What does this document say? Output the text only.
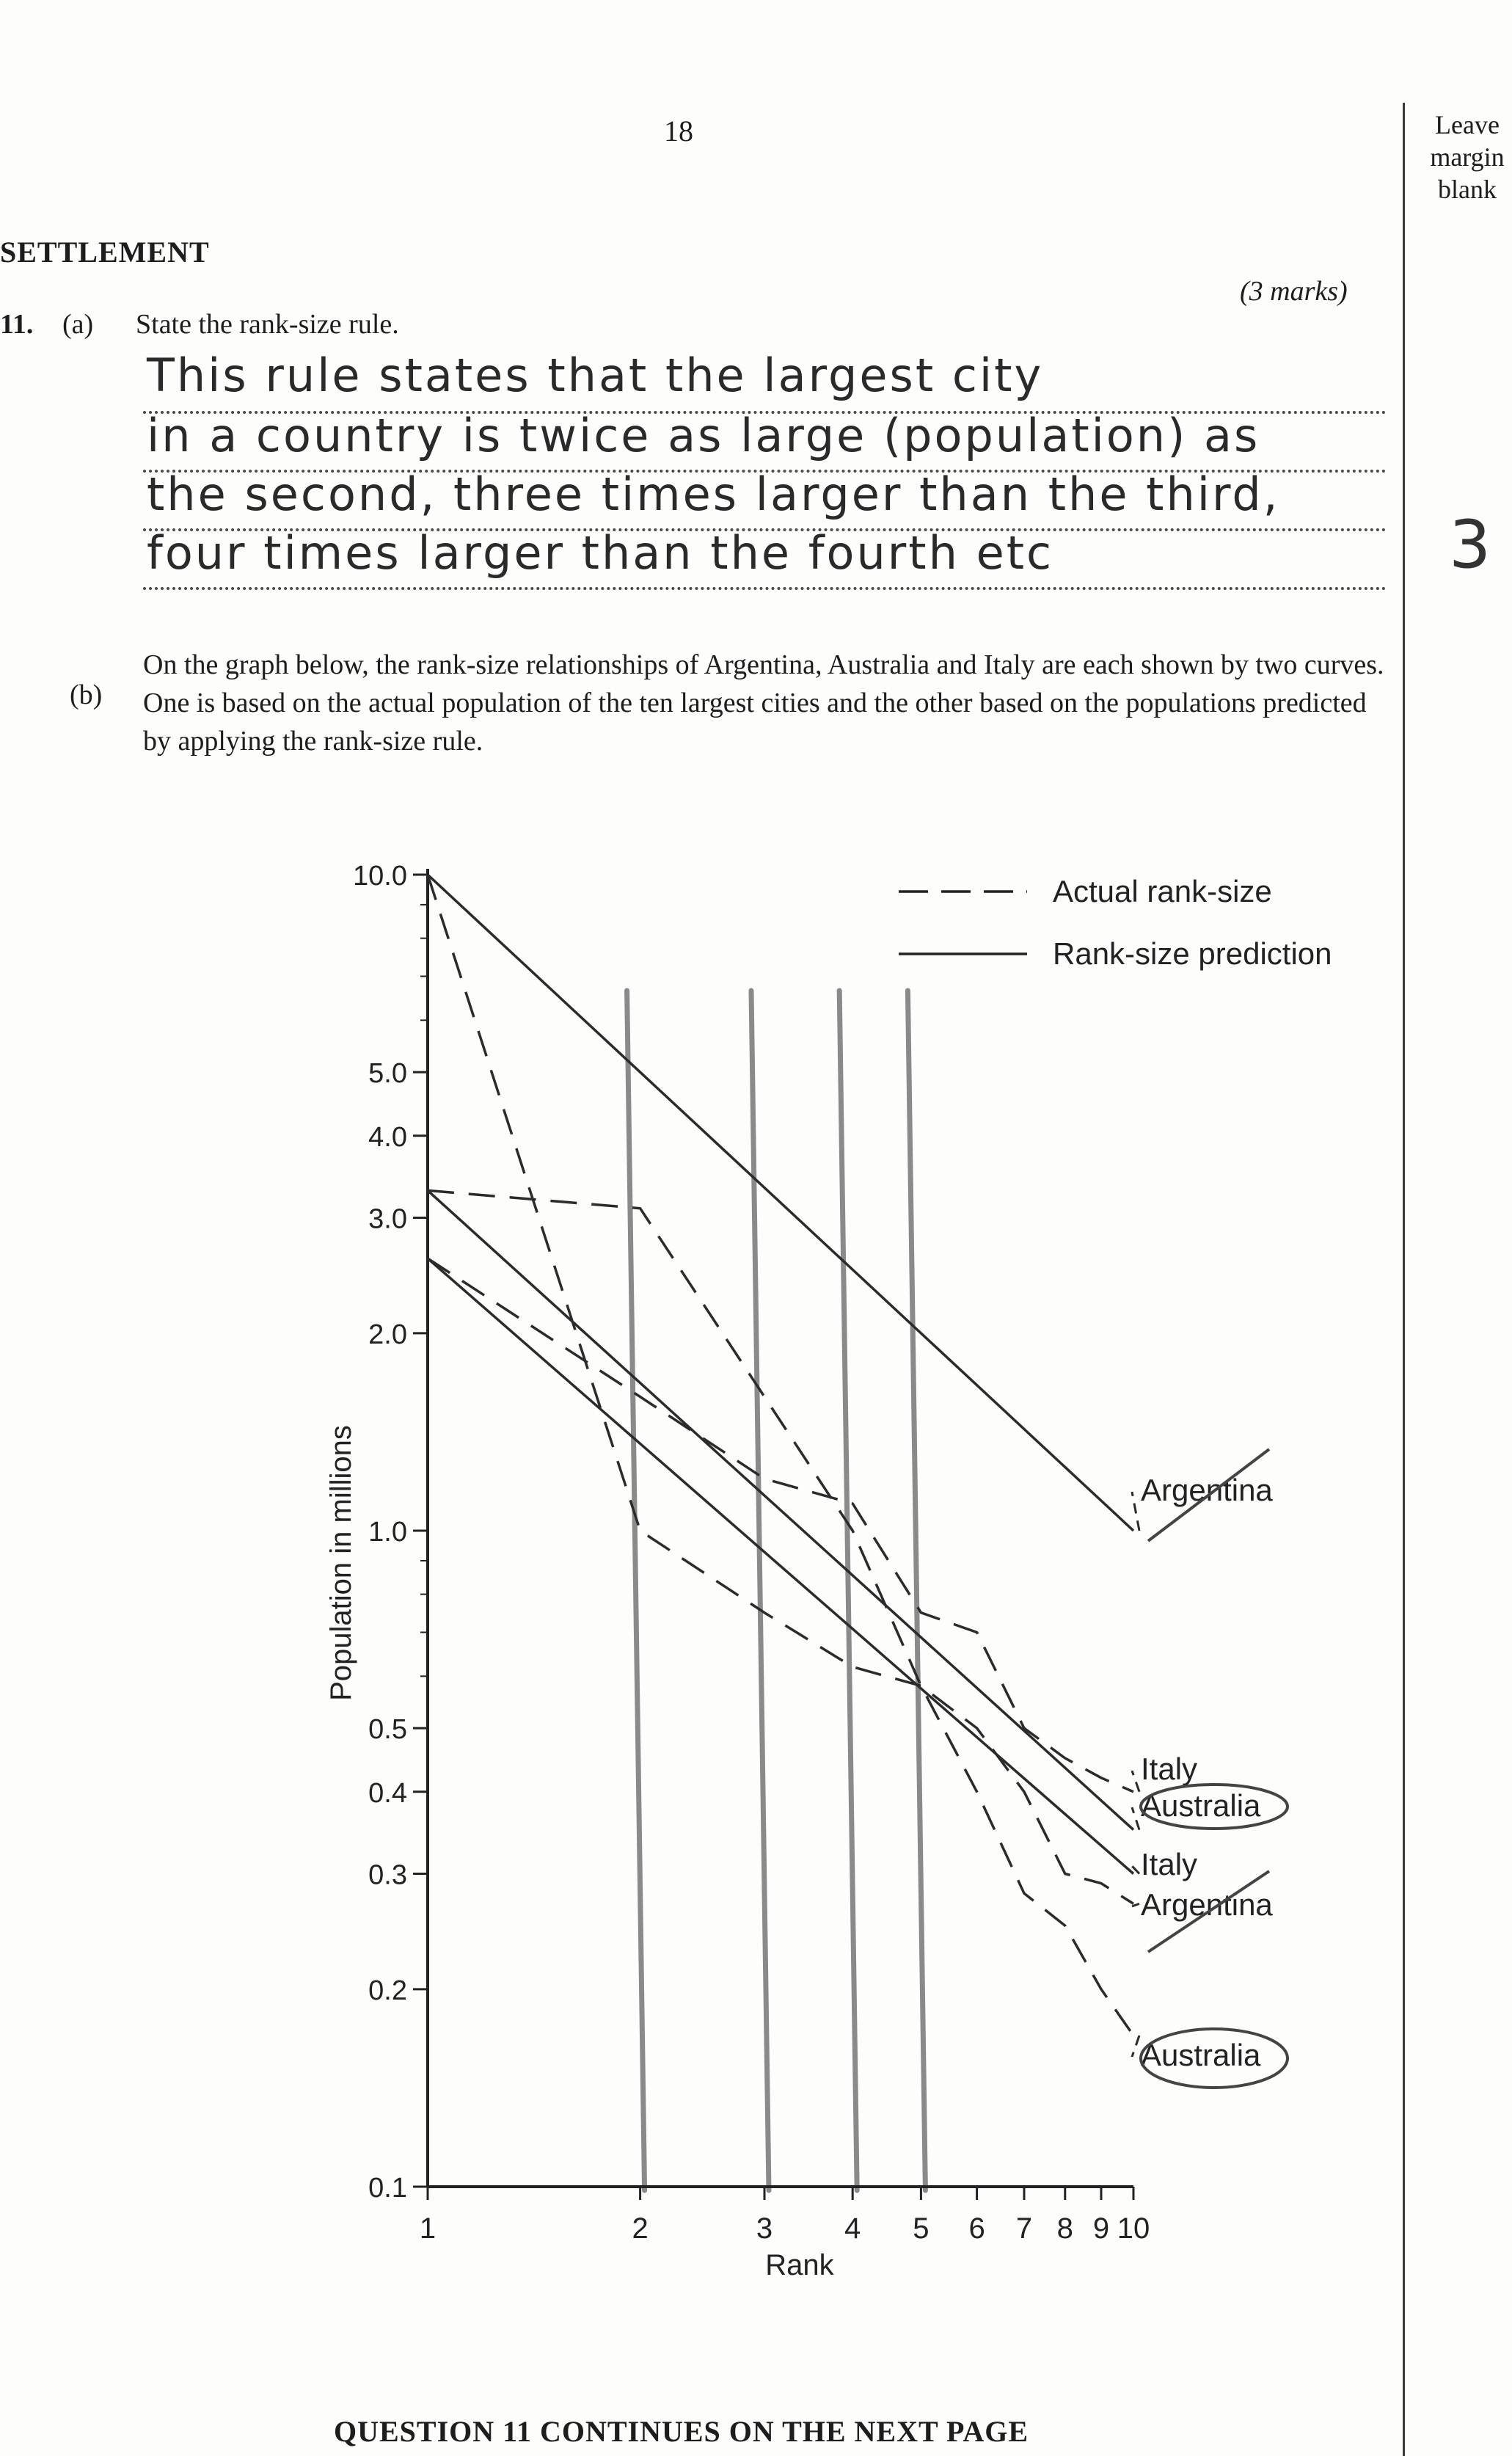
18	Leave
margin
blank
SETTLEMENT
11. (a) State the rank-size rule.
(3 marks)
This rule states that the largest city
in a country is twice as large (population) as
the second, three times larger than the third,
four times larger than the fourth etc	3
(b)
On the graph below, the rank-size relationships of Argentina, Australia and Italy are each shown by two curves. One is based on the actual population of the ten largest cities and the other based on the populations predicted by applying the rank-size rule.
10.0
5.0
4.0
3.0
2.0
1.0
0.5
0.4
0.3
0.2
0.1
1	2	3 4 5 6 7 8 9 10
Rank
Population in millions	Argentina
Italy
Australia
Italy
Argentina
Australia
Actual rank-size
Rank-size prediction
QUESTION 11 CONTINUES ON THE NEXT PAGE
